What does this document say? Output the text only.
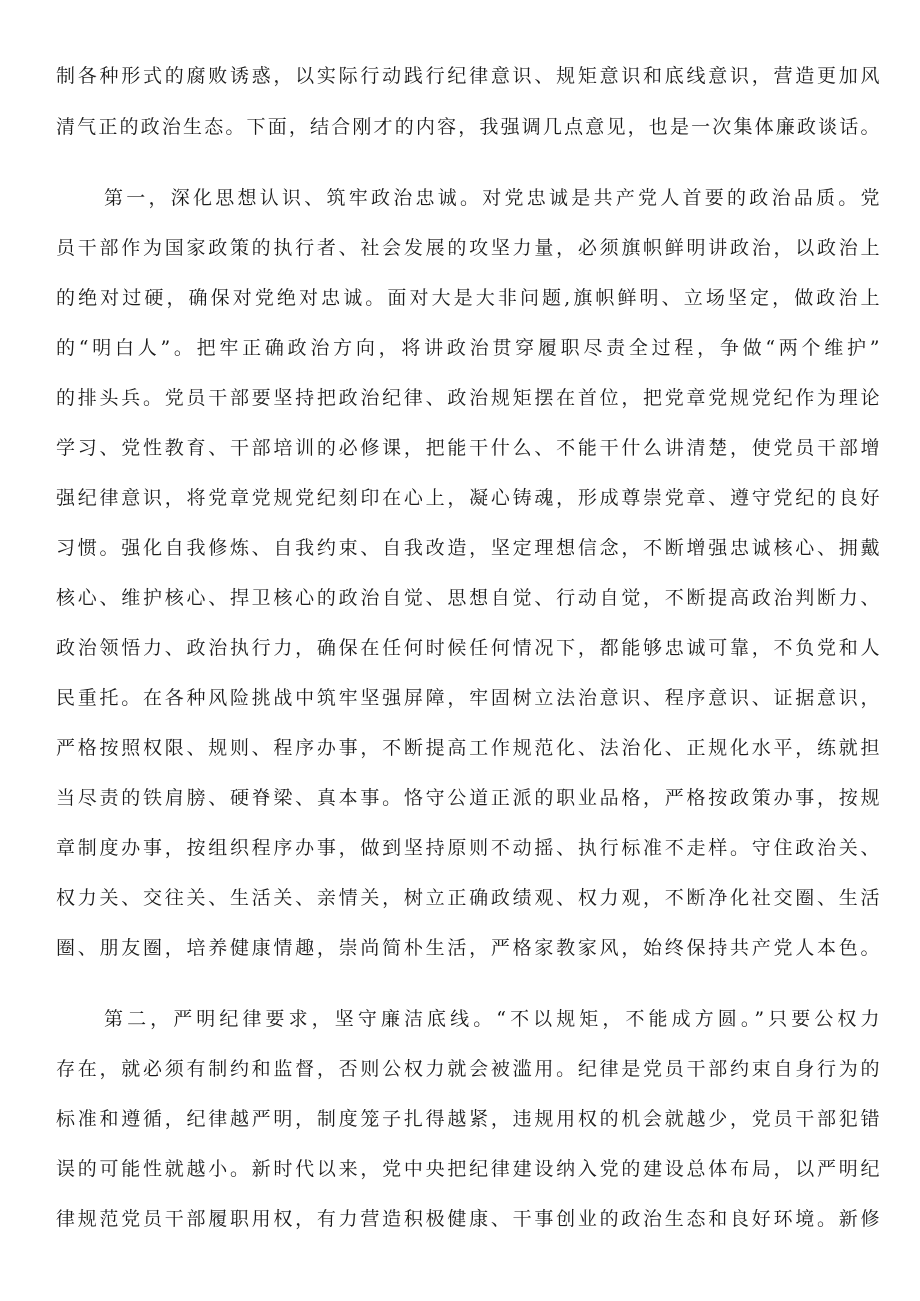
制各种形式的腐败诱惑，以实际行动践行纪律意识、规矩意识和底线意识，营造更加风
清气正的政治生态。下面，结合刚才的内容，我强调几点意见，也是一次集体廉政谈话。
第一，深化思想认识、筑牢政治忠诚。对党忠诚是共产党人首要的政治品质。党
员干部作为国家政策的执行者、社会发展的攻坚力量，必须旗帜鲜明讲政治，以政治上
的绝对过硬，确保对党绝对忠诚。面对大是大非问题,旗帜鲜明、立场坚定，做政治上
的“明白人”。把牢正确政治方向，将讲政治贯穿履职尽责全过程，争做“两个维护”
的排头兵。党员干部要坚持把政治纪律、政治规矩摆在首位，把党章党规党纪作为理论
学习、党性教育、干部培训的必修课，把能干什么、不能干什么讲清楚，使党员干部增
强纪律意识，将党章党规党纪刻印在心上，凝心铸魂，形成尊崇党章、遵守党纪的良好
习惯。强化自我修炼、自我约束、自我改造，坚定理想信念，不断增强忠诚核心、拥戴
核心、维护核心、捍卫核心的政治自觉、思想自觉、行动自觉，不断提高政治判断力、
政治领悟力、政治执行力，确保在任何时候任何情况下，都能够忠诚可靠，不负党和人
民重托。在各种风险挑战中筑牢坚强屏障，牢固树立法治意识、程序意识、证据意识，
严格按照权限、规则、程序办事，不断提高工作规范化、法治化、正规化水平，练就担
当尽责的铁肩膀、硬脊梁、真本事。恪守公道正派的职业品格，严格按政策办事，按规
章制度办事，按组织程序办事，做到坚持原则不动摇、执行标准不走样。守住政治关、
权力关、交往关、生活关、亲情关，树立正确政绩观、权力观，不断净化社交圈、生活
圈、朋友圈，培养健康情趣，崇尚简朴生活，严格家教家风，始终保持共产党人本色。
第二，严明纪律要求，坚守廉洁底线。“不以规矩，不能成方圆。”只要公权力
存在，就必须有制约和监督，否则公权力就会被滥用。纪律是党员干部约束自身行为的
标准和遵循，纪律越严明，制度笼子扎得越紧，违规用权的机会就越少，党员干部犯错
误的可能性就越小。新时代以来，党中央把纪律建设纳入党的建设总体布局，以严明纪
律规范党员干部履职用权，有力营造积极健康、干事创业的政治生态和良好环境。新修
